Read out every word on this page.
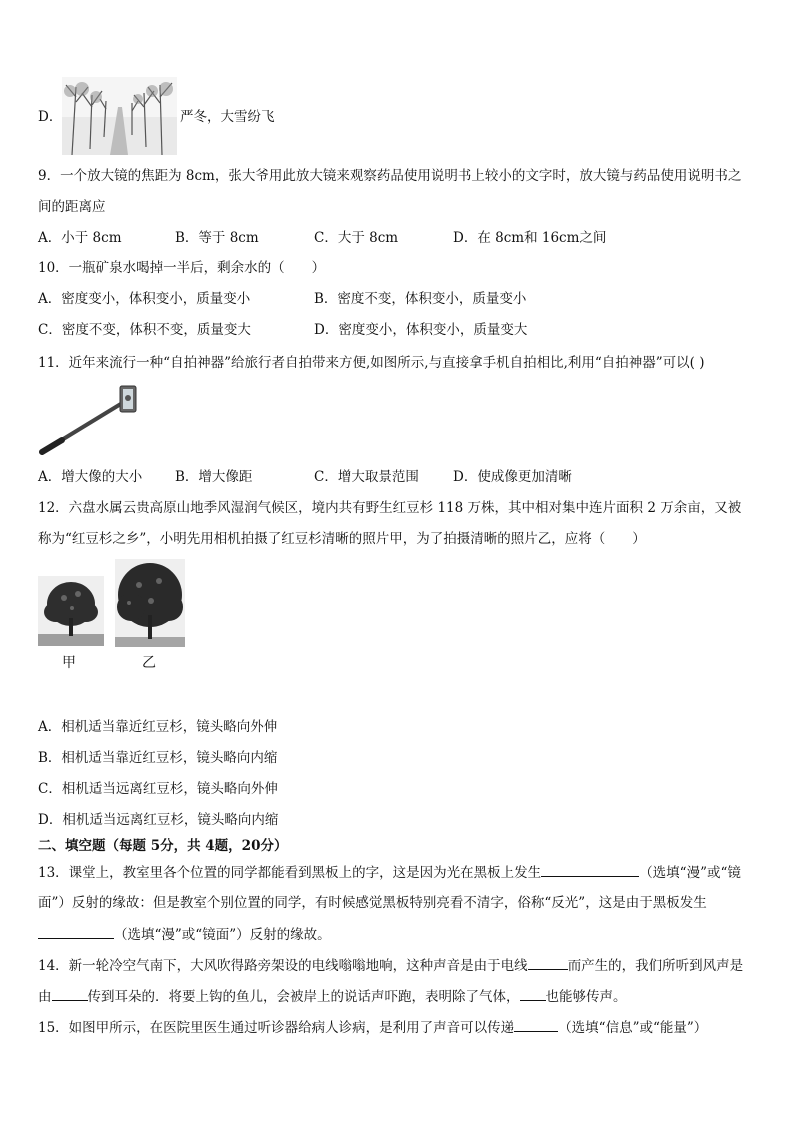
D．	严冬，大雪纷飞
9．一个放大镜的焦距为 8cm，张大爷用此放大镜来观察药品使用说明书上较小的文字时，放大镜与药品使用说明书之
间的距离应
A．小于 8cm	B．等于 8cm	C．大于 8cm	D．在 8cm和 16cm之间
10．一瓶矿泉水喝掉一半后，剩余水的（　　）
A．密度变小，体积变小，质量变小	B．密度不变，体积变小，质量变小
C．密度不变，体积不变，质量变大	D．密度变小，体积变小，质量变大
11．近年来流行一种“自拍神器”给旅行者自拍带来方便,如图所示,与直接拿手机自拍相比,利用“自拍神器”可以( )
A．增大像的大小 B．增大像距	C．增大取景范围	D．使成像更加清晰
12．六盘水属云贵高原山地季风湿润气候区，境内共有野生红豆杉 118 万株，其中相对集中连片面积 2 万余亩，又被
称为“红豆杉之乡”，小明先用相机拍摄了红豆杉清晰的照片甲，为了拍摄清晰的照片乙，应将（　　）
甲	乙
A．相机适当靠近红豆杉，镜头略向外伸
B．相机适当靠近红豆杉，镜头略向内缩
C．相机适当远离红豆杉，镜头略向外伸
D．相机适当远离红豆杉，镜头略向内缩
二、填空题（每题 5分，共 4题，20分）
13．课堂上，教室里各个位置的同学都能看到黑板上的字，这是因为光在黑板上发生	（选填“漫”或“镜
面”）反射的缘故：但是教室个别位置的同学，有时候感觉黑板特别亮看不清字，俗称“反光”，这是由于黑板发生
（选填“漫”或“镜面”）反射的缘故。
14．新一轮冷空气南下，大风吹得路旁架设的电线嗡嗡地响，这种声音是由于电线	而产生的，我们所听到风声是
由	传到耳朵的．将要上钩的鱼儿，会被岸上的说话声吓跑，表明除了气体， 也能够传声。
15．如图甲所示，在医院里医生通过听诊器给病人诊病，是利用了声音可以传递	（选填“信息”或“能量”）
